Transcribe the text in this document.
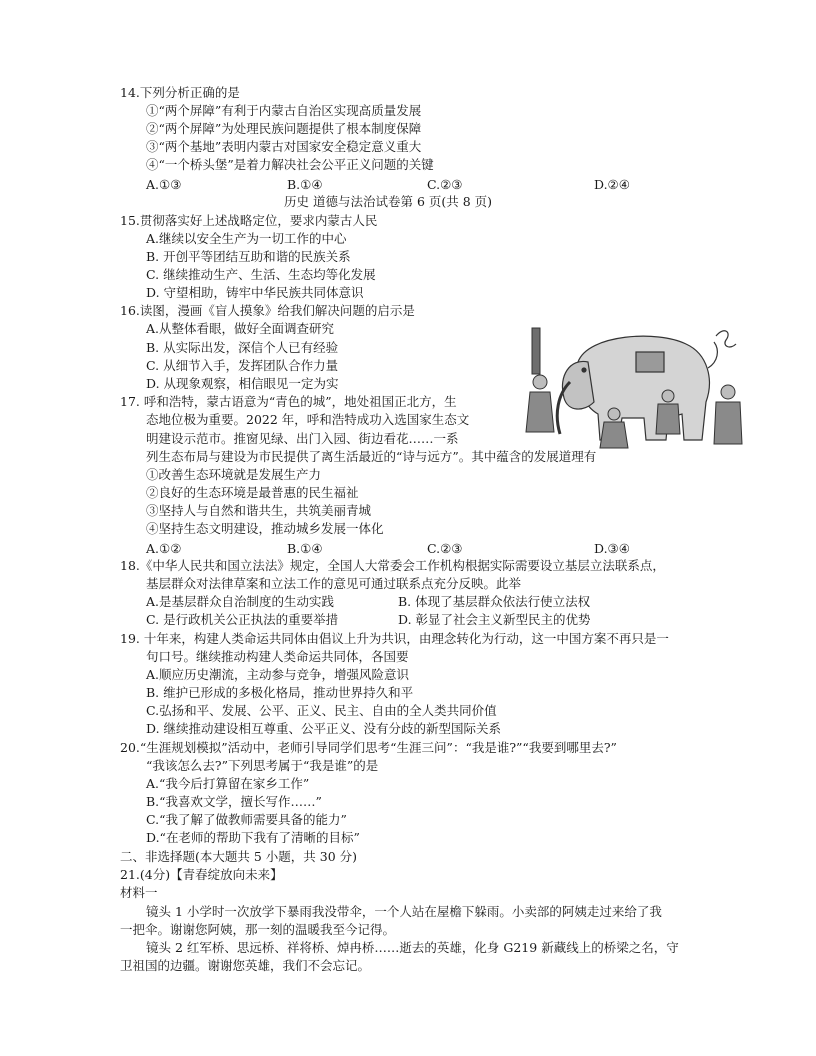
14.下列分析正确的是
①“两个屏障”有利于内蒙古自治区实现高质量发展
②“两个屏障”为处理民族问题提供了根本制度保障
③“两个基地”表明内蒙古对国家安全稳定意义重大
④“一个桥头堡”是着力解决社会公平正义问题的关键
A.①③	B.①④	C.②③	D.②④
历史 道德与法治试卷第 6 页(共 8 页)
15.贯彻落实好上述战略定位，要求内蒙古人民
A.继续以安全生产为一切工作的中心
B. 开创平等团结互助和谐的民族关系
C. 继续推动生产、生活、生态均等化发展
D. 守望相助，铸牢中华民族共同体意识
16.读图，漫画《盲人摸象》给我们解决问题的启示是
A.从整体看眼，做好全面调查研究
B. 从实际出发，深信个人已有经验
C. 从细节入手，发挥团队合作力量
D. 从现象观察，相信眼见一定为实
17. 呼和浩特，蒙古语意为“青色的城”，地处祖国正北方，生
态地位极为重要。2022 年，呼和浩特成功入选国家生态文
明建设示范市。推窗见绿、出门入园、街边看花……一系
列生态布局与建设为市民提供了离生活最近的“诗与远方”。其中蕴含的发展道理有
①改善生态环境就是发展生产力
②良好的生态环境是最普惠的民生福祉
③坚持人与自然和谐共生，共筑美丽青城
④坚持生态文明建设，推动城乡发展一体化
A.①②	B.①④	C.②③	D.③④
18.《中华人民共和国立法法》规定，全国人大常委会工作机构根据实际需要设立基层立法联系点，
基层群众对法律草案和立法工作的意见可通过联系点充分反映。此举
A.是基层群众自治制度的生动实践	B. 体现了基层群众依法行使立法权
C. 是行政机关公正执法的重要举措	D. 彰显了社会主义新型民主的优势
19. 十年来，构建人类命运共同体由倡议上升为共识，由理念转化为行动，这一中国方案不再只是一
句口号。继续推动构建人类命运共同体，各国要
A.顺应历史潮流，主动参与竞争，增强风险意识
B. 维护已形成的多极化格局，推动世界持久和平
C.弘扬和平、发展、公平、正义、民主、自由的全人类共同价值
D. 继续推动建设相互尊重、公平正义、没有分歧的新型国际关系
20.“生涯规划模拟”活动中，老师引导同学们思考“生涯三问”：“我是谁?”“我要到哪里去?”
“我该怎么去?”下列思考属于“我是谁”的是
A.“我今后打算留在家乡工作”
B.“我喜欢文学，擅长写作……”
C.“我了解了做教师需要具备的能力”
D.“在老师的帮助下我有了清晰的目标”
二、非选择题(本大题共 5 小题，共 30 分)
21.(4分)【青春绽放向未来】
材料一
镜头 1 小学时一次放学下暴雨我没带伞，一个人站在屋檐下躲雨。小卖部的阿姨走过来给了我
一把伞。谢谢您阿姨，那一刻的温暖我至今记得。
镜头 2 红军桥、思远桥、祥将桥、焯冉桥……逝去的英雄，化身 G219 新藏线上的桥梁之名，守
卫祖国的边疆。谢谢您英雄，我们不会忘记。
